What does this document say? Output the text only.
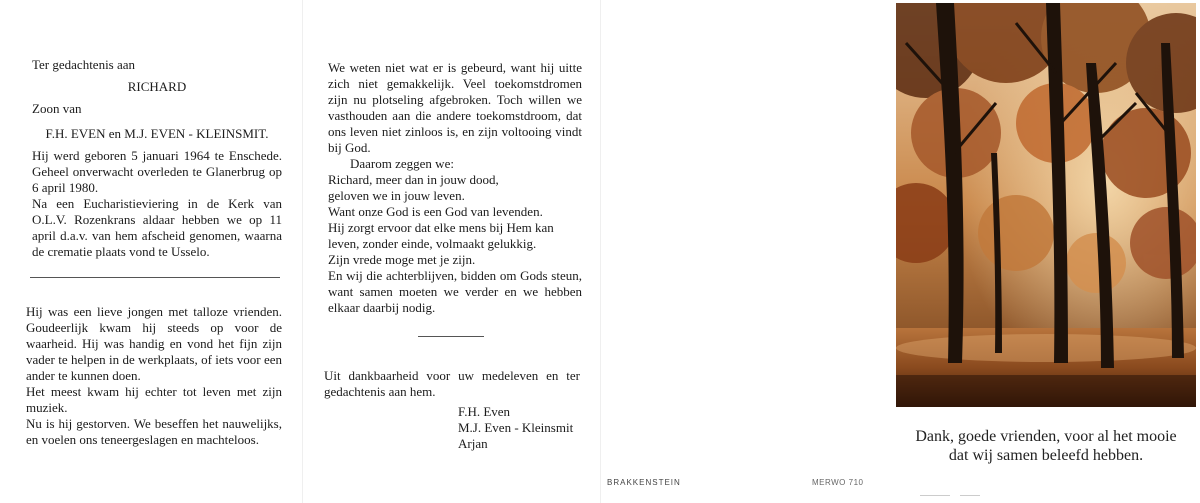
Ter gedachtenis aan
RICHARD
Zoon van
F.H. EVEN en M.J. EVEN - KLEINSMIT.

Hij werd geboren 5 januari 1964 te Enschede. Geheel onverwacht overleden te Glanerbrug op 6 april 1980.

Na een Eucharistieviering in de Kerk van O.L.V. Rozenkrans aldaar hebben we op 11 april d.a.v. van hem afscheid genomen, waarna de crematie plaats vond te Usselo.

Hij was een lieve jongen met talloze vrienden. Goudeerlijk kwam hij steeds op voor de waarheid. Hij was handig en vond het fijn zijn vader te helpen in de werkplaats, of iets voor een ander te kunnen doen.

Het meest kwam hij echter tot leven met zijn muziek.

Nu is hij gestorven. We beseffen het nauwelijks, en voelen ons teneergeslagen en machteloos.

We weten niet wat er is gebeurd, want hij uitte zich niet gemakkelijk. Veel toekomstdromen zijn nu plotseling afgebroken. Toch willen we vasthouden aan die andere toekomstdroom, dat ons leven niet zinloos is, en zijn voltooing vindt bij God.

Daarom zeggen we:
Richard, meer dan in jouw dood,
geloven we in jouw leven.
Want onze God is een God van levenden.
Hij zorgt ervoor dat elke mens bij Hem kan
leven, zonder einde, volmaakt gelukkig.
Zijn vrede moge met je zijn.

En wij die achterblijven, bidden om Gods steun, want samen moeten we verder en we hebben elkaar daarbij nodig.

Uit dankbaarheid voor uw medeleven en ter gedachtenis aan hem.

F.H. Even
M.J. Even - Kleinsmit
Arjan
BRAKKENSTEIN	MERWO 710
Dank, goede vrienden, voor al het mooie
dat wij samen beleefd hebben.
